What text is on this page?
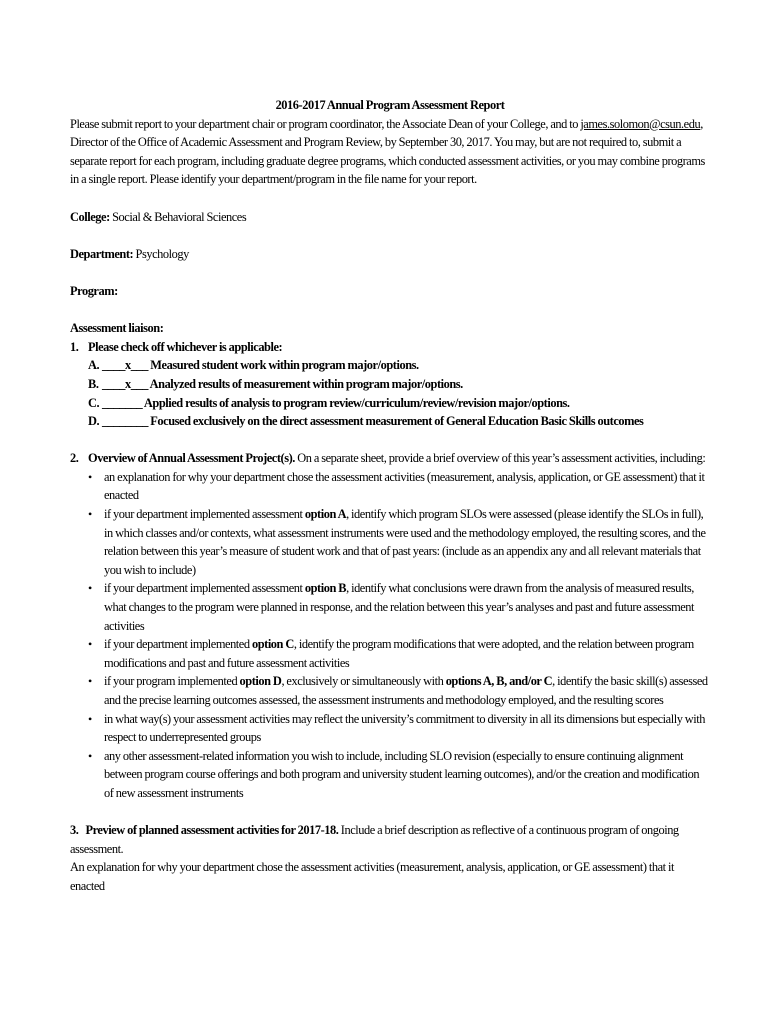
2016-2017 Annual Program Assessment Report

Please submit report to your department chair or program coordinator, the Associate Dean of your College, and to james.solomon@csun.edu, Director of the Office of Academic Assessment and Program Review, by September 30, 2017. You may, but are not required to, submit a separate report for each program, including graduate degree programs, which conducted assessment activities, or you may combine programs in a single report. Please identify your department/program in the file name for your report.

College: Social & Behavioral Sciences
Department: Psychology
Program:
Assessment liaison:
1. Please check off whichever is applicable:
A. ____x___ Measured student work within program major/options.
B. ____x___ Analyzed results of measurement within program major/options.
C. _______ Applied results of analysis to program review/curriculum/review/revision major/options.
D. ________ Focused exclusively on the direct assessment measurement of General Education Basic Skills outcomes
2. Overview of Annual Assessment Project(s). On a separate sheet, provide a brief overview of this year’s assessment activities, including:
• an explanation for why your department chose the assessment activities (measurement, analysis, application, or GE assessment) that it enacted
• if your department implemented assessment option A, identify which program SLOs were assessed (please identify the SLOs in full), in which classes and/or contexts, what assessment instruments were used and the methodology employed, the resulting scores, and the relation between this year’s measure of student work and that of past years: (include as an appendix any and all relevant materials that you wish to include)
• if your department implemented assessment option B, identify what conclusions were drawn from the analysis of measured results, what changes to the program were planned in response, and the relation between this year’s analyses and past and future assessment activities
• if your department implemented option C, identify the program modifications that were adopted, and the relation between program modifications and past and future assessment activities
• if your program implemented option D, exclusively or simultaneously with options A, B, and/or C, identify the basic skill(s) assessed and the precise learning outcomes assessed, the assessment instruments and methodology employed, and the resulting scores
• in what way(s) your assessment activities may reflect the university’s commitment to diversity in all its dimensions but especially with respect to underrepresented groups
• any other assessment-related information you wish to include, including SLO revision (especially to ensure continuing alignment between program course offerings and both program and university student learning outcomes), and/or the creation and modification of new assessment instruments
3. Preview of planned assessment activities for 2017-18. Include a brief description as reflective of a continuous program of ongoing assessment.
An explanation for why your department chose the assessment activities (measurement, analysis, application, or GE assessment) that it enacted
